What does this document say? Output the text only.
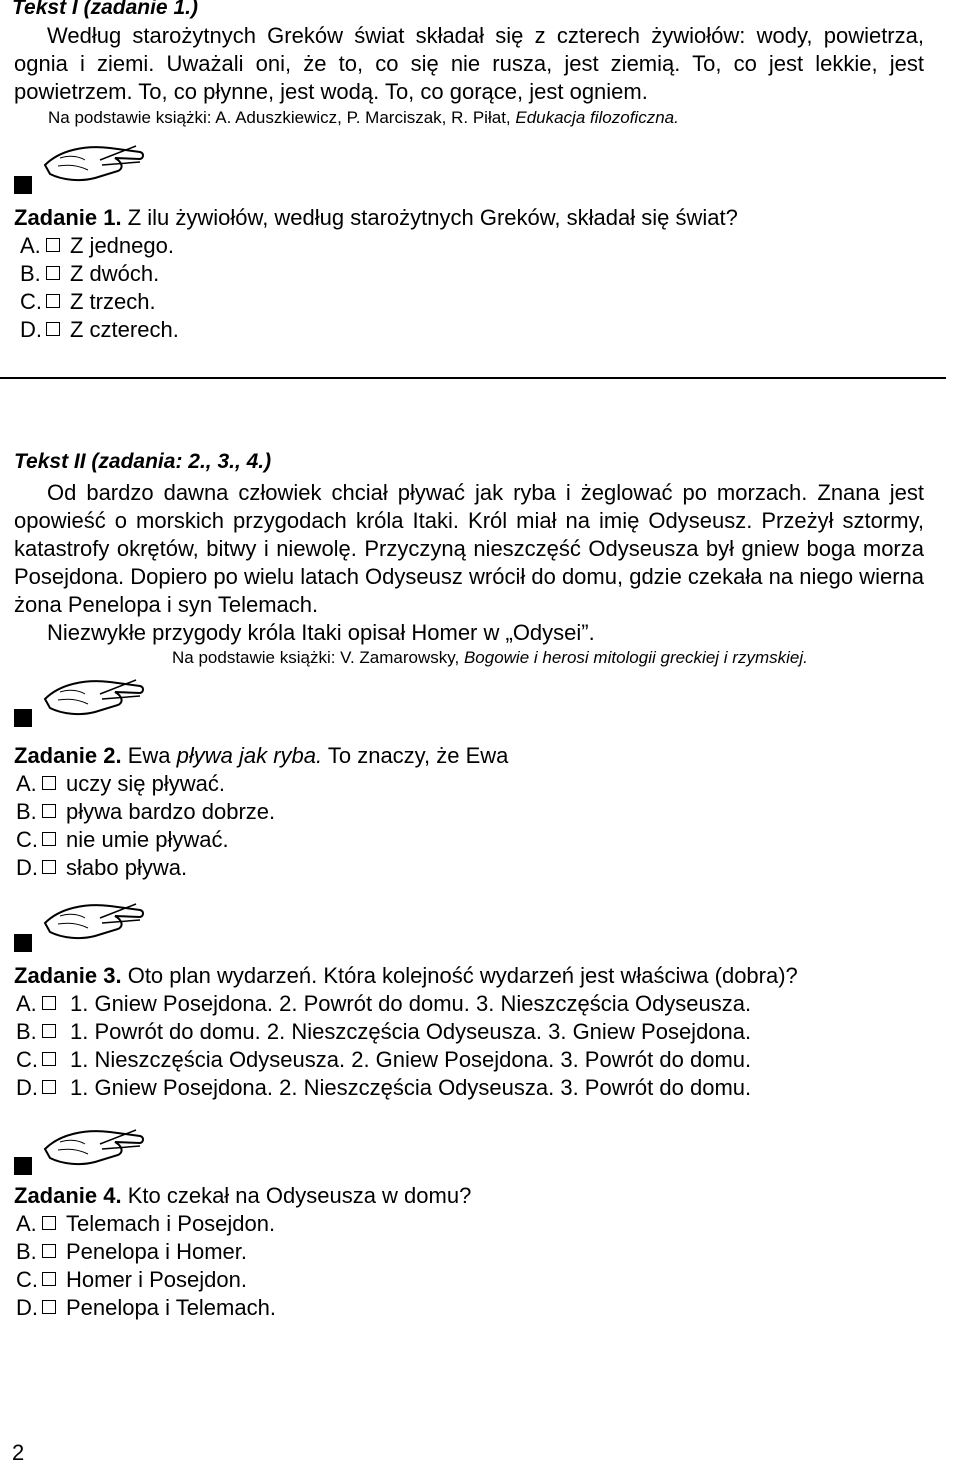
Tekst I (zadanie 1.)
Według starożytnych Greków świat składał się z czterech żywiołów: wody, powietrza, ognia i ziemi. Uważali oni, że to, co się nie rusza, jest ziemią. To, co jest lekkie, jest powietrzem. To, co płynne, jest wodą. To, co gorące, jest ogniem.
Na podstawie książki: A. Aduszkiewicz, P. Marciszak, R. Piłat, Edukacja filozoficzna.
Zadanie 1. Z ilu żywiołów, według starożytnych Greków, składał się świat?
A. Z jednego.
B. Z dwóch.
C. Z trzech.
D. Z czterech.
Tekst II (zadania: 2., 3., 4.)
Od bardzo dawna człowiek chciał pływać jak ryba i żeglować po morzach. Znana jest opowieść o morskich przygodach króla Itaki. Król miał na imię Odyseusz. Przeżył sztormy, katastrofy okrętów, bitwy i niewolę. Przyczyną nieszczęść Odyseusza był gniew boga morza Posejdona. Dopiero po wielu latach Odyseusz wrócił do domu, gdzie czekała na niego wierna żona Penelopa i syn Telemach.
Niezwykłe przygody króla Itaki opisał Homer w „Odysei”.
Na podstawie książki: V. Zamarowsky, Bogowie i herosi mitologii greckiej i rzymskiej.
Zadanie 2. Ewa pływa jak ryba. To znaczy, że Ewa
A. uczy się pływać.
B. pływa bardzo dobrze.
C. nie umie pływać.
D. słabo pływa.
Zadanie 3. Oto plan wydarzeń. Która kolejność wydarzeń jest właściwa (dobra)?
A. 1. Gniew Posejdona. 2. Powrót do domu. 3. Nieszczęścia Odyseusza.
B. 1. Powrót do domu. 2. Nieszczęścia Odyseusza. 3. Gniew Posejdona.
C. 1. Nieszczęścia Odyseusza. 2. Gniew Posejdona. 3. Powrót do domu.
D. 1. Gniew Posejdona. 2. Nieszczęścia Odyseusza. 3. Powrót do domu.
Zadanie 4. Kto czekał na Odyseusza w domu?
A. Telemach i Posejdon.
B. Penelopa i Homer.
C. Homer i Posejdon.
D. Penelopa i Telemach.
2
